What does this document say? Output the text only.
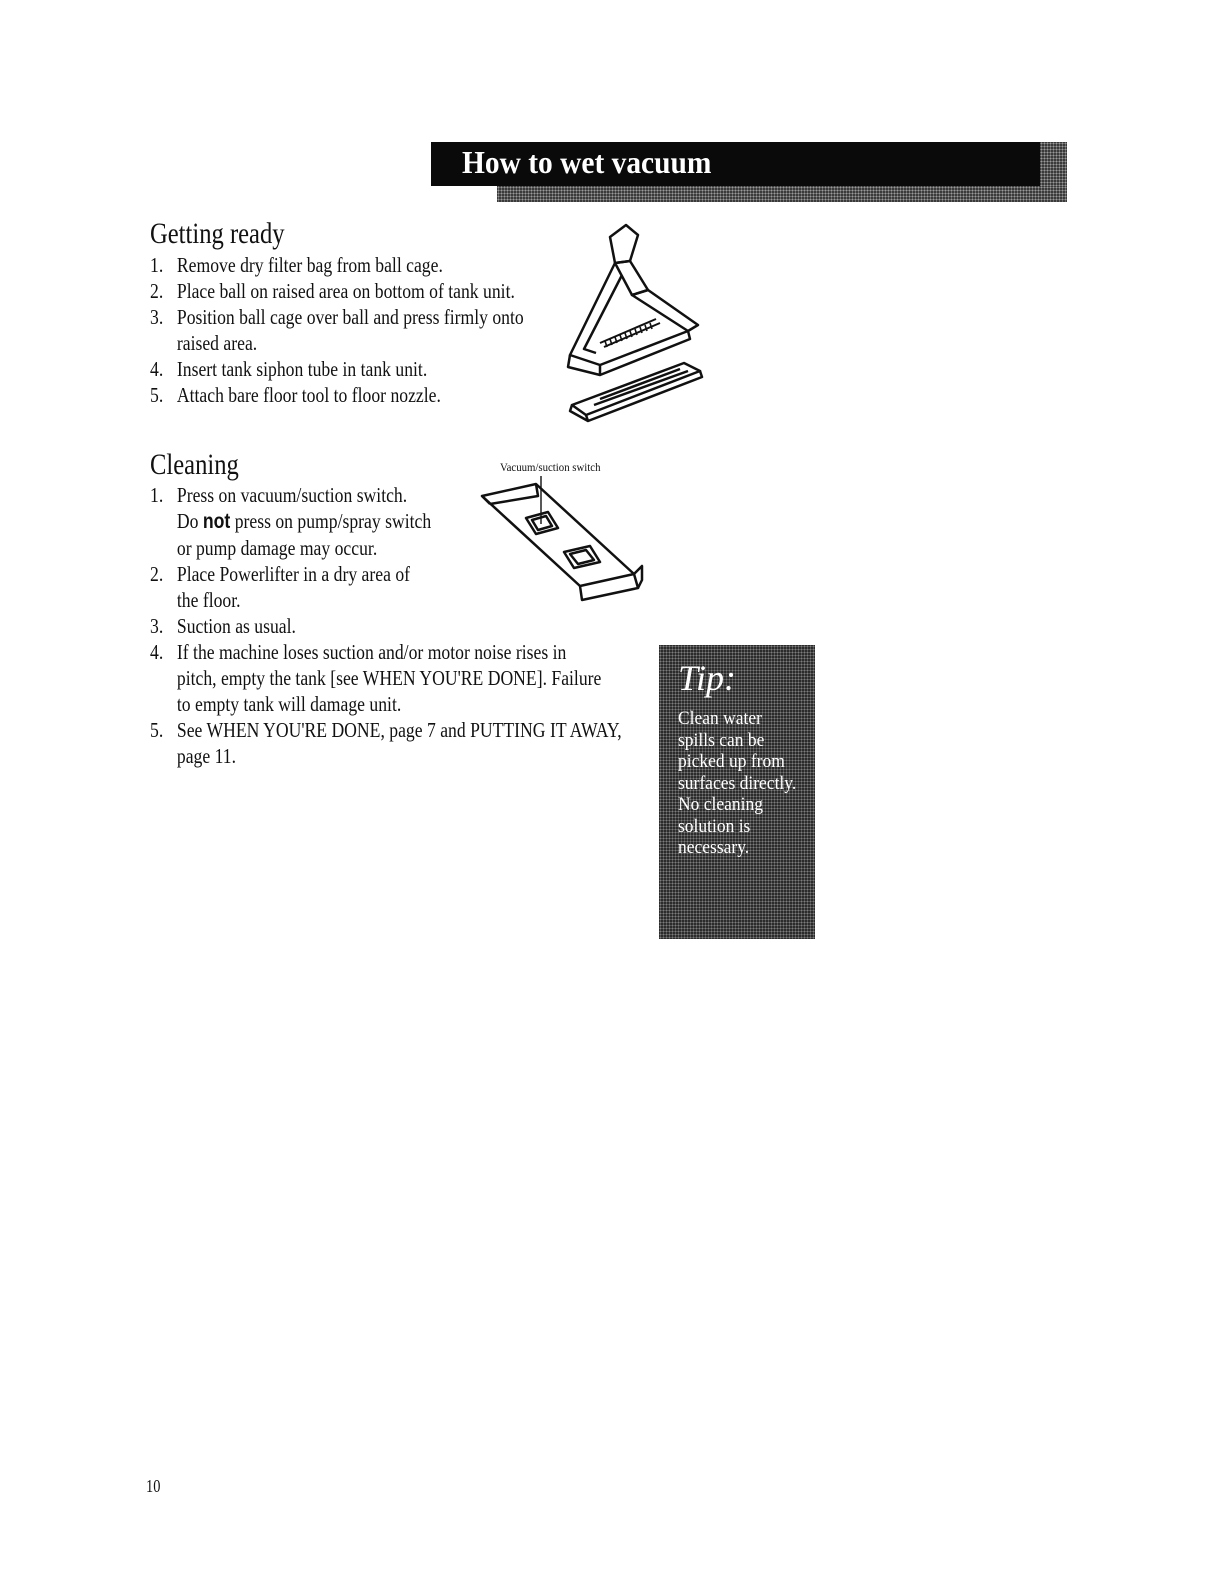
How to wet vacuum
Getting ready
1. Remove dry filter bag from ball cage.
2. Place ball on raised area on bottom of tank unit.
3. Position ball cage over ball and press firmly onto
raised area.
4. Insert tank siphon tube in tank unit.
5. Attach bare floor tool to floor nozzle.
Cleaning	Vacuum/suction switch
1. Press on vacuum/suction switch.
Do not press on pump/spray switch
or pump damage may occur.
2. Place Powerlifter in a dry area of
the floor.
3. Suction as usual.
4. If the machine loses suction and/or motor noise rises in
pitch, empty the tank [see WHEN YOU'RE DONE]. Failure
to empty tank will damage unit.
5. See WHEN YOU'RE DONE, page 7 and PUTTING IT AWAY,
page 11.
Tip:
Clean water
spills can be
picked up from
surfaces directly.
No cleaning
solution is
necessary.
10
